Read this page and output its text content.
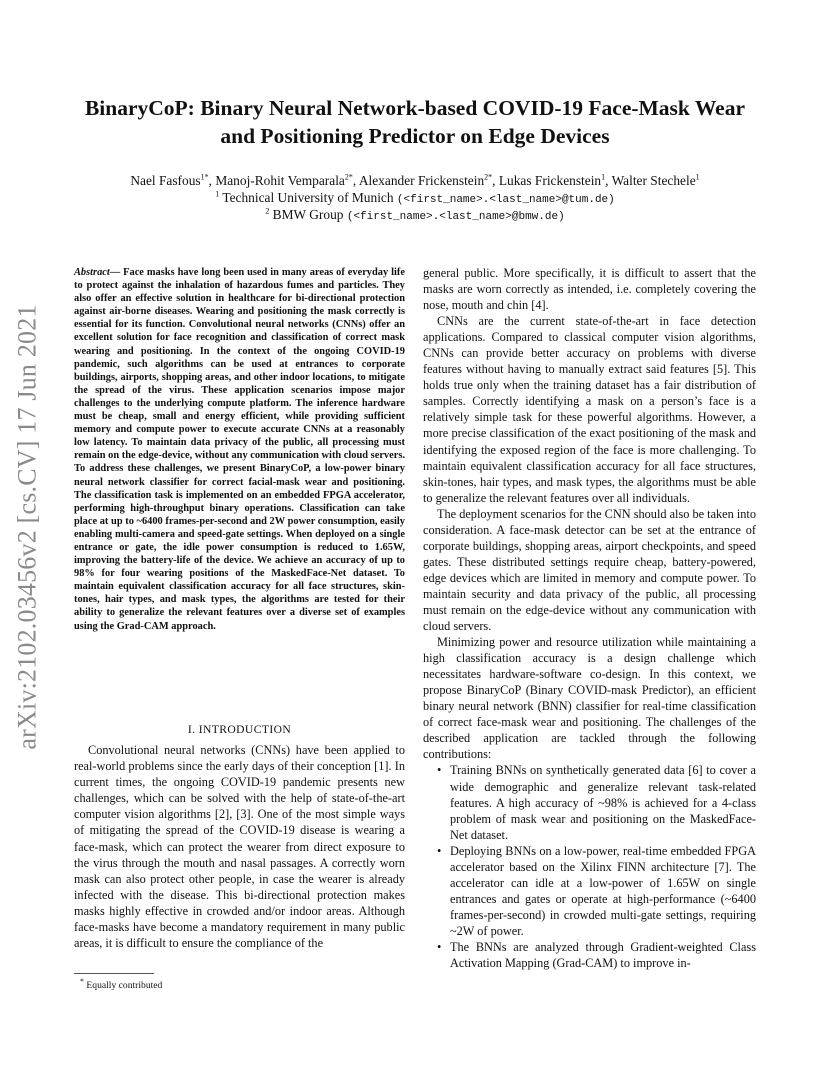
arXiv:2102.03456v2 [cs.CV] 17 Jun 2021
BinaryCoP: Binary Neural Network-based COVID-19 Face-Mask Wear and Positioning Predictor on Edge Devices
Nael Fasfous$^{1*}$, Manoj-Rohit Vemparala$^{2*}$, Alexander Frickenstein$^{2*}$, Lukas Frickenstein$^1$, Walter Stechele$^1$
$^1$ Technical University of Munich (<first_name>.<last_name>@tum.de)
$^2$ BMW Group (<first_name>.<last_name>@bmw.de)
Abstract— Face masks have long been used in many areas of everyday life to protect against the inhalation of hazardous fumes and particles. They also offer an effective solution in healthcare for bi-directional protection against air-borne diseases. Wearing and positioning the mask correctly is essential for its function. Convolutional neural networks (CNNs) offer an excellent solution for face recognition and classification of correct mask wearing and positioning. In the context of the ongoing COVID-19 pandemic, such algorithms can be used at entrances to corporate buildings, airports, shopping areas, and other indoor locations, to mitigate the spread of the virus. These application scenarios impose major challenges to the underlying compute platform. The inference hardware must be cheap, small and energy efficient, while providing sufficient memory and compute power to execute accurate CNNs at a reasonably low latency. To maintain data privacy of the public, all processing must remain on the edge-device, without any communication with cloud servers. To address these challenges, we present BinaryCoP, a low-power binary neural network classifier for correct facial-mask wear and positioning. The classification task is implemented on an embedded FPGA accelerator, performing high-throughput binary operations. Classification can take place at up to ~6400 frames-per-second and 2W power consumption, easily enabling multi-camera and speed-gate settings. When deployed on a single entrance or gate, the idle power consumption is reduced to 1.65W, improving the battery-life of the device. We achieve an accuracy of up to 98% for four wearing positions of the MaskedFace-Net dataset. To maintain equivalent classification accuracy for all face structures, skin-tones, hair types, and mask types, the algorithms are tested for their ability to generalize the relevant features over a diverse set of examples using the Grad-CAM approach.
I. INTRODUCTION

Convolutional neural networks (CNNs) have been applied to real-world problems since the early days of their conception [1]. In current times, the ongoing COVID-19 pandemic presents new challenges, which can be solved with the help of state-of-the-art computer vision algorithms [2], [3]. One of the most simple ways of mitigating the spread of the COVID-19 disease is wearing a face-mask, which can protect the wearer from direct exposure to the virus through the mouth and nasal passages. A correctly worn mask can also protect other people, in case the wearer is already infected with the disease. This bi-directional protection makes masks highly effective in crowded and/or indoor areas. Although face-masks have become a mandatory requirement in many public areas, it is difficult to ensure the compliance of the

* Equally contributed

general public. More specifically, it is difficult to assert that the masks are worn correctly as intended, i.e. completely covering the nose, mouth and chin [4].

CNNs are the current state-of-the-art in face detection applications. Compared to classical computer vision algorithms, CNNs can provide better accuracy on problems with diverse features without having to manually extract said features [5]. This holds true only when the training dataset has a fair distribution of samples. Correctly identifying a mask on a person’s face is a relatively simple task for these powerful algorithms. However, a more precise classification of the exact positioning of the mask and identifying the exposed region of the face is more challenging. To maintain equivalent classification accuracy for all face structures, skin-tones, hair types, and mask types, the algorithms must be able to generalize the relevant features over all individuals.

The deployment scenarios for the CNN should also be taken into consideration. A face-mask detector can be set at the entrance of corporate buildings, shopping areas, airport checkpoints, and speed gates. These distributed settings require cheap, battery-powered, edge devices which are limited in memory and compute power. To maintain security and data privacy of the public, all processing must remain on the edge-device without any communication with cloud servers.

Minimizing power and resource utilization while maintaining a high classification accuracy is a design challenge which necessitates hardware-software co-design. In this context, we propose BinaryCoP (Binary COVID-mask Predictor), an efficient binary neural network (BNN) classifier for real-time classification of correct face-mask wear and positioning. The challenges of the described application are tackled through the following contributions:

• Training BNNs on synthetically generated data [6] to cover a wide demographic and generalize relevant task-related features. A high accuracy of ~98% is achieved for a 4-class problem of mask wear and positioning on the MaskedFace-Net dataset.
• Deploying BNNs on a low-power, real-time embedded FPGA accelerator based on the Xilinx FINN architecture [7]. The accelerator can idle at a low-power of 1.65W on single entrances and gates or operate at high-performance (~6400 frames-per-second) in crowded multi-gate settings, requiring ~2W of power.
• The BNNs are analyzed through Gradient-weighted Class Activation Mapping (Grad-CAM) to improve in-
